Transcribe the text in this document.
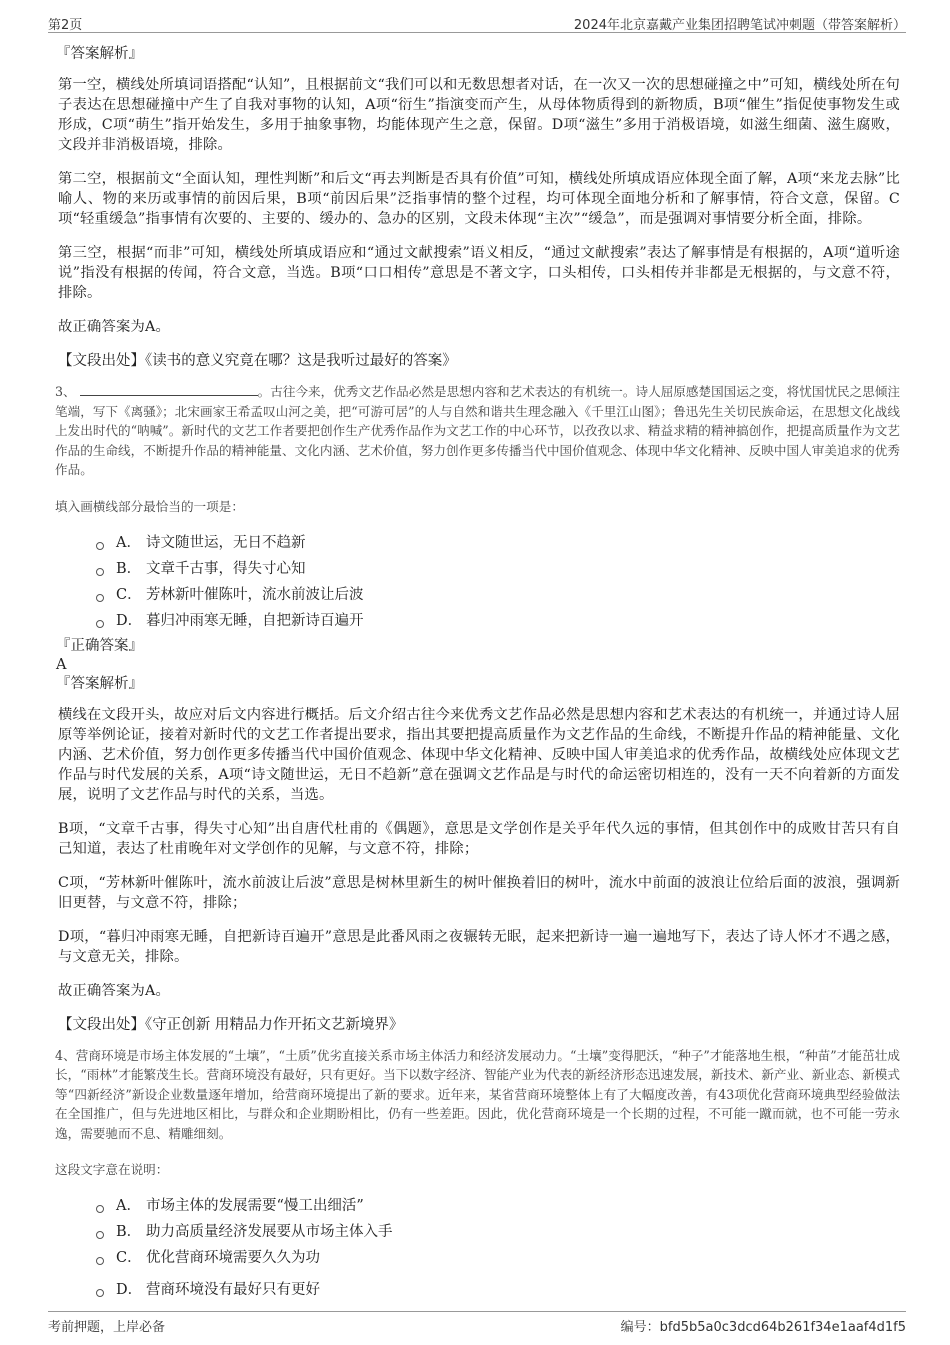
第2页	2024年北京嘉戴产业集团招聘笔试冲刺题（带答案解析）

『答案解析』

第一空，横线处所填词语搭配“认知”，且根据前文“我们可以和无数思想者对话，在一次又一次的思想碰撞之中”可知，横线处所在句子表达在思想碰撞中产生了自我对事物的认知，A项“衍生”指演变而产生，从母体物质得到的新物质，B项“催生”指促使事物发生或形成，C项“萌生”指开始发生，多用于抽象事物，均能体现产生之意，保留。D项“滋生”多用于消极语境，如滋生细菌、滋生腐败，文段并非消极语境，排除。

第二空，根据前文“全面认知，理性判断”和后文“再去判断是否具有价值”可知，横线处所填成语应体现全面了解，A项“来龙去脉”比喻人、物的来历或事情的前因后果，B项“前因后果”泛指事情的整个过程，均可体现全面地分析和了解事情，符合文意，保留。C项“轻重缓急”指事情有次要的、主要的、缓办的、急办的区别，文段未体现“主次”“缓急”，而是强调对事情要分析全面，排除。

第三空，根据“而非”可知，横线处所填成语应和“通过文献搜索”语义相反，“通过文献搜索”表达了解事情是有根据的，A项“道听途说”指没有根据的传闻，符合文意，当选。B项“口口相传”意思是不著文字，口头相传，口头相传并非都是无根据的，与文意不符，排除。

故正确答案为A。

【文段出处】《读书的意义究竟在哪？这是我听过最好的答案》

3、	。古往今来，优秀文艺作品必然是思想内容和艺术表达的有机统一。诗人屈原感楚国国运之变，将忧国忧民之思倾注笔端，写下《离骚》；北宋画家王希孟叹山河之美，把“可游可居”的人与自然和谐共生理念融入《千里江山图》；鲁迅先生关切民族命运，在思想文化战线上发出时代的“呐喊”。新时代的文艺工作者要把创作生产优秀作品作为文艺工作的中心环节，以孜孜以求、精益求精的精神搞创作，把提高质量作为文艺作品的生命线，不断提升作品的精神能量、文化内涵、艺术价值，努力创作更多传播当代中国价值观念、体现中华文化精神、反映中国人审美追求的优秀作品。

填入画横线部分最恰当的一项是：

A． 诗文随世运，无日不趋新
B． 文章千古事，得失寸心知
C． 芳林新叶催陈叶，流水前波让后波
D． 暮归冲雨寒无睡，自把新诗百遍开

『正确答案』

A

『答案解析』

横线在文段开头，故应对后文内容进行概括。后文介绍古往今来优秀文艺作品必然是思想内容和艺术表达的有机统一，并通过诗人屈原等举例论证，接着对新时代的文艺工作者提出要求，指出其要把提高质量作为文艺作品的生命线，不断提升作品的精神能量、文化内涵、艺术价值，努力创作更多传播当代中国价值观念、体现中华文化精神、反映中国人审美追求的优秀作品，故横线处应体现文艺作品与时代发展的关系，A项“诗文随世运，无日不趋新”意在强调文艺作品是与时代的命运密切相连的，没有一天不向着新的方面发展，说明了文艺作品与时代的关系，当选。

B项，“文章千古事，得失寸心知”出自唐代杜甫的《偶题》，意思是文学创作是关乎年代久远的事情，但其创作中的成败甘苦只有自己知道，表达了杜甫晚年对文学创作的见解，与文意不符，排除；

C项，“芳林新叶催陈叶，流水前波让后波”意思是树林里新生的树叶催换着旧的树叶，流水中前面的波浪让位给后面的波浪，强调新旧更替，与文意不符，排除；

D项，“暮归冲雨寒无睡，自把新诗百遍开”意思是此番风雨之夜辗转无眠，起来把新诗一遍一遍地写下，表达了诗人怀才不遇之感，与文意无关，排除。

故正确答案为A。

【文段出处】《守正创新 用精品力作开拓文艺新境界》

4、营商环境是市场主体发展的“土壤”，“土质”优劣直接关系市场主体活力和经济发展动力。“土壤”变得肥沃，“种子”才能落地生根，“种苗”才能茁壮成长，“雨林”才能繁茂生长。营商环境没有最好，只有更好。当下以数字经济、智能产业为代表的新经济形态迅速发展，新技术、新产业、新业态、新模式等“四新经济”新设企业数量逐年增加，给营商环境提出了新的要求。近年来，某省营商环境整体上有了大幅度改善，有43项优化营商环境典型经验做法在全国推广，但与先进地区相比，与群众和企业期盼相比，仍有一些差距。因此，优化营商环境是一个长期的过程，不可能一蹴而就，也不可能一劳永逸，需要驰而不息、精雕细刻。

这段文字意在说明：

A． 市场主体的发展需要“慢工出细活”
B． 助力高质量经济发展要从市场主体入手
C． 优化营商环境需要久久为功
D． 营商环境没有最好只有更好
考前押题，上岸必备	编号：bfd5b5a0c3dcd64b261f34e1aaf4d1f5
